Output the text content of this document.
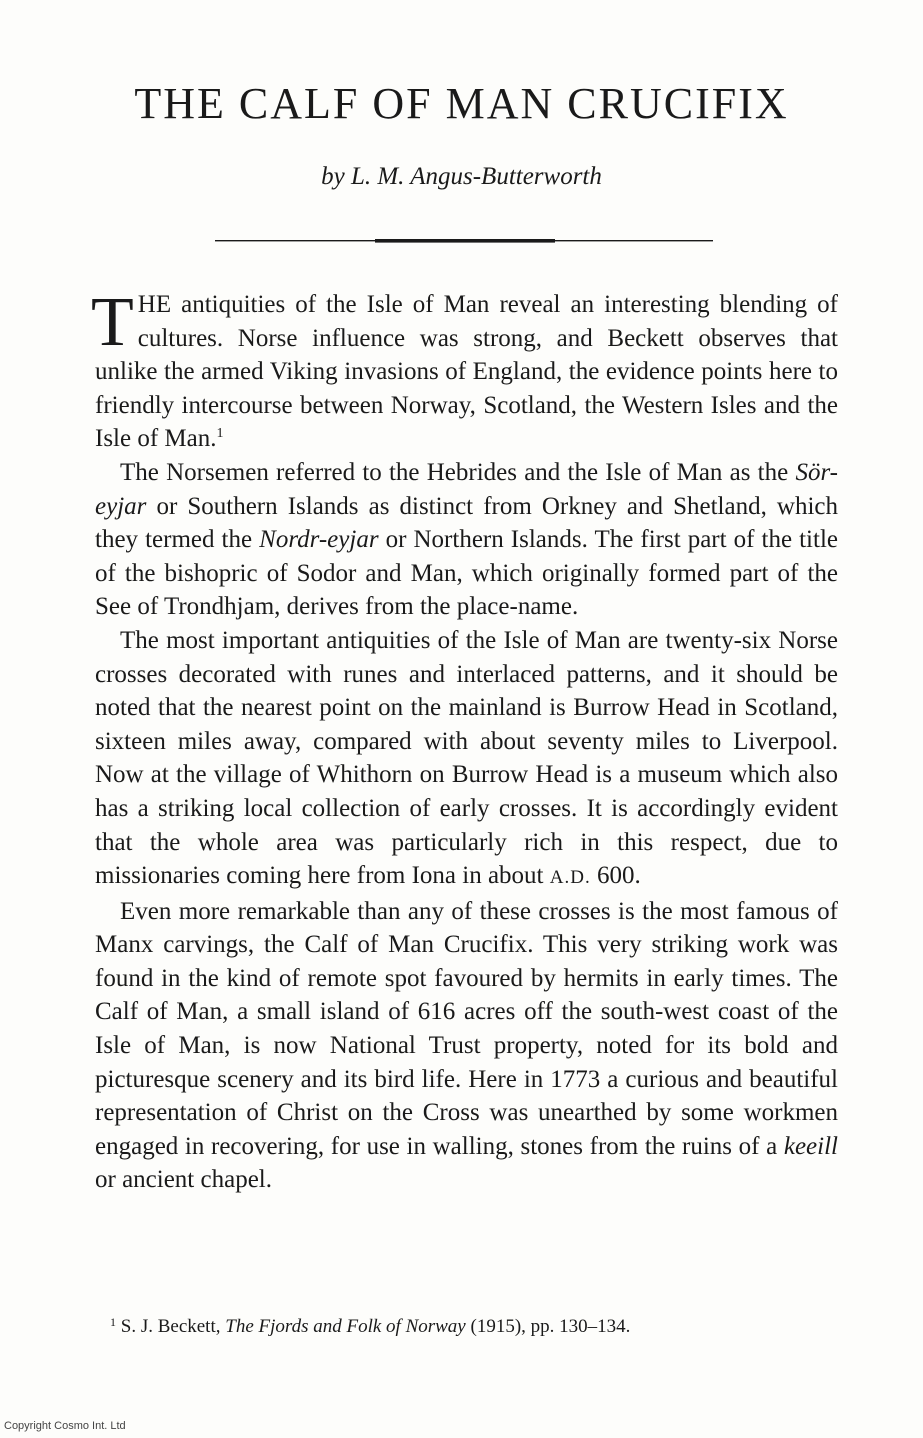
THE CALF OF MAN CRUCIFIX

by L. M. Angus-Butterworth

THE antiquities of the Isle of Man reveal an interesting blending of cultures. Norse influence was strong, and Beckett observes that unlike the armed Viking invasions of England, the evidence points here to friendly intercourse between Norway, Scotland, the Western Isles and the Isle of Man.$^1$

The Norsemen referred to the Hebrides and the Isle of Man as the Sör-eyjar or Southern Islands as distinct from Orkney and Shetland, which they termed the Nordr-eyjar or Northern Islands. The first part of the title of the bishopric of Sodor and Man, which originally formed part of the See of Trondhjam, derives from the place-name.

The most important antiquities of the Isle of Man are twenty-six Norse crosses decorated with runes and interlaced patterns, and it should be noted that the nearest point on the mainland is Burrow Head in Scotland, sixteen miles away, compared with about seventy miles to Liverpool. Now at the village of Whithorn on Burrow Head is a museum which also has a striking local collection of early crosses. It is accordingly evident that the whole area was particularly rich in this respect, due to missionaries coming here from Iona in about A.D. 600.

Even more remarkable than any of these crosses is the most famous of Manx carvings, the Calf of Man Crucifix. This very striking work was found in the kind of remote spot favoured by hermits in early times. The Calf of Man, a small island of 616 acres off the south-west coast of the Isle of Man, is now National Trust property, noted for its bold and picturesque scenery and its bird life. Here in 1773 a curious and beautiful representation of Christ on the Cross was unearthed by some workmen engaged in recovering, for use in walling, stones from the ruins of a keeill or ancient chapel.

$^1$ S. J. Beckett, The Fjords and Folk of Norway (1915), pp. 130–134.

Copyright Cosmo Int. Ltd
